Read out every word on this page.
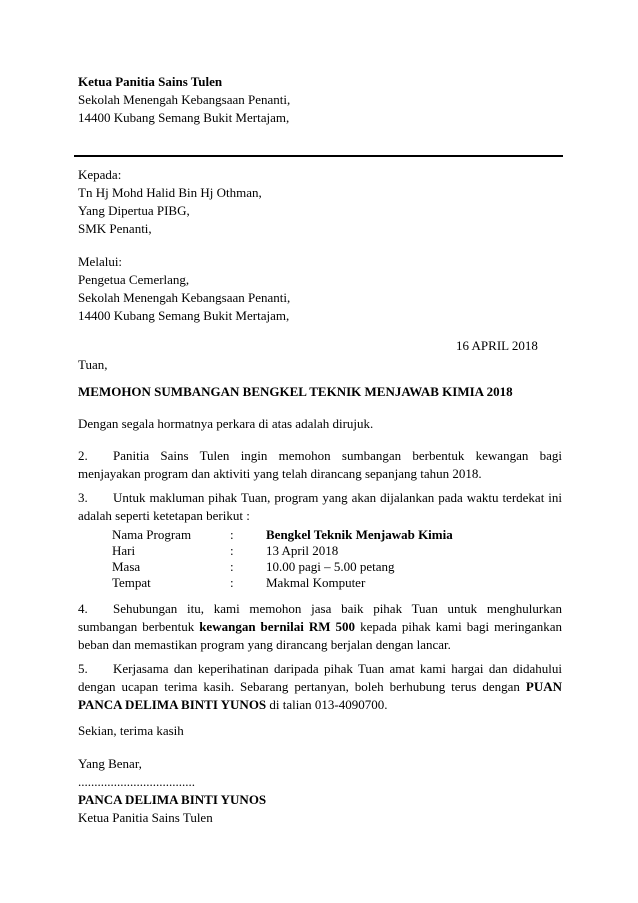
Ketua Panitia Sains Tulen
Sekolah Menengah Kebangsaan Penanti,
14400 Kubang Semang Bukit Mertajam,
Kepada:
Tn Hj Mohd Halid Bin Hj Othman,
Yang Dipertua PIBG,
SMK Penanti,
Melalui:
Pengetua Cemerlang,
Sekolah Menengah Kebangsaan Penanti,
14400 Kubang Semang Bukit Mertajam,
16 APRIL 2018
Tuan,
MEMOHON SUMBANGAN BENGKEL TEKNIK MENJAWAB KIMIA 2018
Dengan segala hormatnya perkara di atas adalah dirujuk.
2. Panitia Sains Tulen ingin memohon sumbangan berbentuk kewangan bagi menjayakan program dan aktiviti yang telah dirancang sepanjang tahun 2018.
3. Untuk makluman pihak Tuan, program yang akan dijalankan pada waktu terdekat ini adalah seperti ketetapan berikut :
Nama Program	:	Bengkel Teknik Menjawab Kimia
Hari	:	13 April 2018
Masa	:	10.00 pagi – 5.00 petang
Tempat	:	Makmal Komputer
4. Sehubungan itu, kami memohon jasa baik pihak Tuan untuk menghulurkan sumbangan berbentuk kewangan bernilai RM 500 kepada pihak kami bagi meringankan beban dan memastikan program yang dirancang berjalan dengan lancar.
5. Kerjasama dan keperihatinan daripada pihak Tuan amat kami hargai dan didahului dengan ucapan terima kasih. Sebarang pertanyan, boleh berhubung terus dengan PUAN PANCA DELIMA BINTI YUNOS di talian 013-4090700.
Sekian, terima kasih
Yang Benar,
....................................
PANCA DELIMA BINTI YUNOS
Ketua Panitia Sains Tulen
